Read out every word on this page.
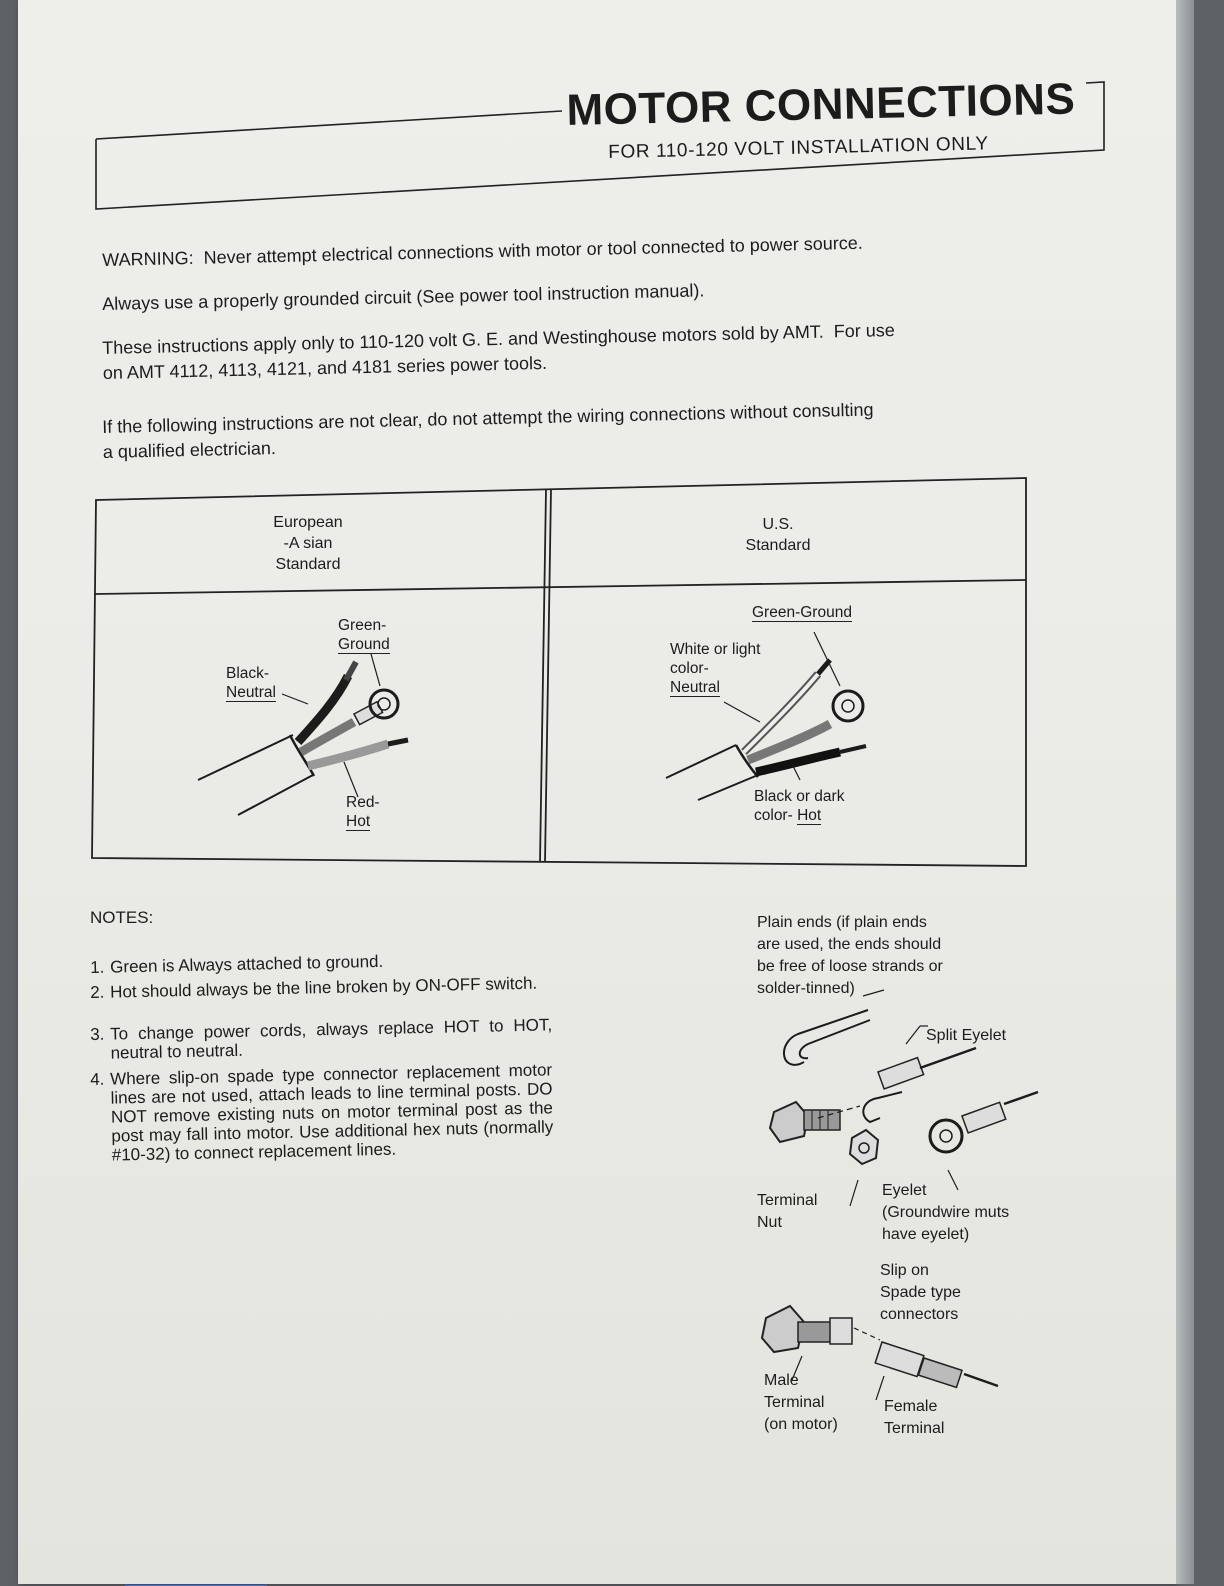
MOTOR CONNECTIONS
FOR 110-120 VOLT INSTALLATION ONLY
WARNING:  Never attempt electrical connections with motor or tool connected to power source.
Always use a properly grounded circuit (See power tool instruction manual).
These instructions apply only to 110-120 volt G. E. and Westinghouse motors sold by AMT.  For use
on AMT 4112, 4113, 4121, and 4181 series power tools.
If the following instructions are not clear, do not attempt the wiring connections without consulting
a qualified electrician.
European
-A sian
Standard
U.S.
Standard
Green-
Ground
Black-
Neutral
Red-
Hot
Green-Ground
White or light
color-
Neutral
Black or dark
color- Hot
NOTES:
1. Green is Always attached to ground.
2. Hot should always be the line broken by ON-OFF switch.
3. To change power cords, always replace HOT to HOT, neutral to neutral.
4. Where slip-on spade type connector replacement motor lines are not used, attach leads to line terminal posts. DO NOT remove existing nuts on motor terminal post as the post may fall into motor. Use additional hex nuts (normally #10-32) to connect replacement lines.
Plain ends (if plain ends
are used, the ends should
be free of loose strands or
solder-tinned)
Split Eyelet
Terminal
Nut
Eyelet
(Groundwire muts
have eyelet)
Slip on
Spade type
connectors
Male
Terminal
(on motor)
Female
Terminal
